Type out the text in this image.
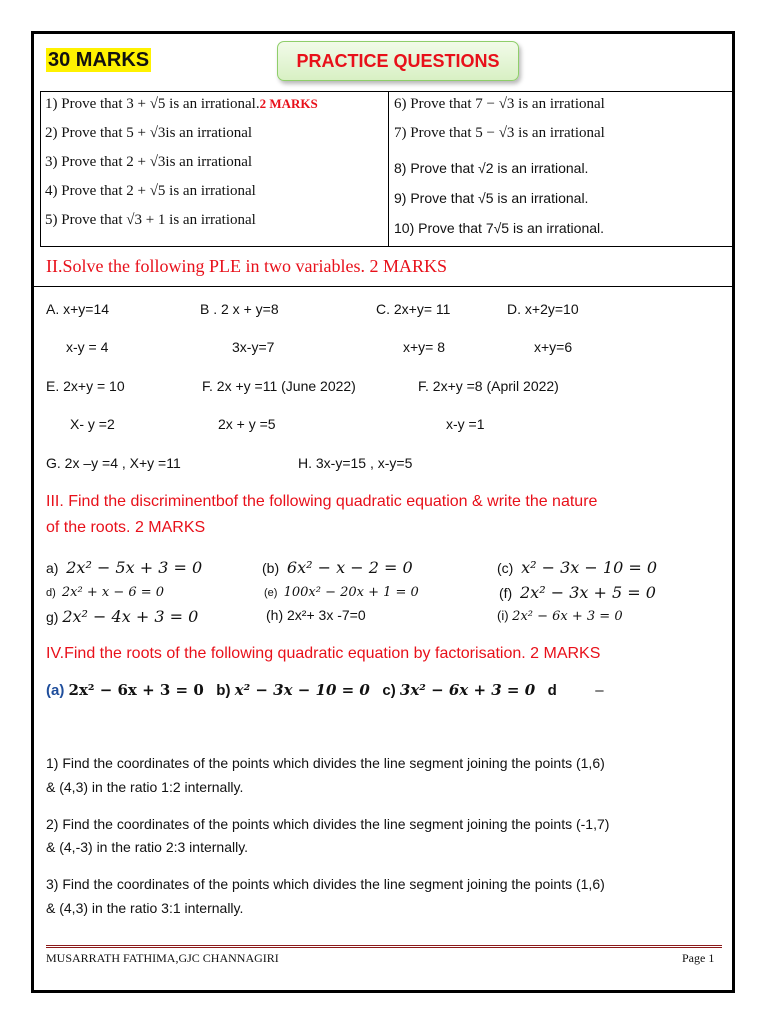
30 MARKS	PRACTICE QUESTIONS
1) Prove that 3 + √5 is an irrational.2 MARKS
2) Prove that 5 + √3is an irrational
3) Prove that 2 + √3is an irrational
4) Prove that 2 + √5 is an irrational
5) Prove that √3 + 1 is an irrational
6) Prove that 7 − √3 is an irrational
7) Prove that 5 − √3 is an irrational
8) Prove that √2 is an irrational.
9) Prove that √5 is an irrational.
10) Prove that 7√5 is an irrational.
II.Solve the following PLE in two variables. 2 MARKS
A. x+y=14
x-y = 4
B . 2 x + y=8
3x-y=7
C. 2x+y= 11
x+y= 8
D. x+2y=10
x+y=6
E. 2x+y = 10
X- y =2
F. 2x +y =11 (June 2022)
2x + y =5
F. 2x+y =8 (April 2022)
x-y =1
G. 2x –y =4 , X+y =11	H. 3x-y=15 , x-y=5
III. Find the discriminentbof the following quadratic equation & write the nature
of the roots. 2 MARKS
a) 2x² − 5x + 3 = 0	(b) 6x² − x − 2 = 0	(c) x² − 3x − 10 = 0
d) 2x² + x − 6 = 0	(e) 100x² − 20x + 1 = 0	(f) 2x² − 3x + 5 = 0
g) 2x² − 4x + 3 = 0	(h) 2x²+ 3x -7=0	(i) 2x² − 6x + 3 = 0
IV.Find the roots of the following quadratic equation by factorisation. 2 MARKS
(a) 2x² − 6x + 3 = 0 b) x² − 3x − 10 = 0 c) 3x² − 6x + 3 = 0 d	–
1) Find the coordinates of the points which divides the line segment joining the points (1,6)
& (4,3) in the ratio 1:2 internally.
2) Find the coordinates of the points which divides the line segment joining the points (-1,7)
& (4,-3) in the ratio 2:3 internally.
3) Find the coordinates of the points which divides the line segment joining the points (1,6)
& (4,3) in the ratio 3:1 internally.
MUSARRATH FATHIMA,GJC CHANNAGIRI	Page 1
